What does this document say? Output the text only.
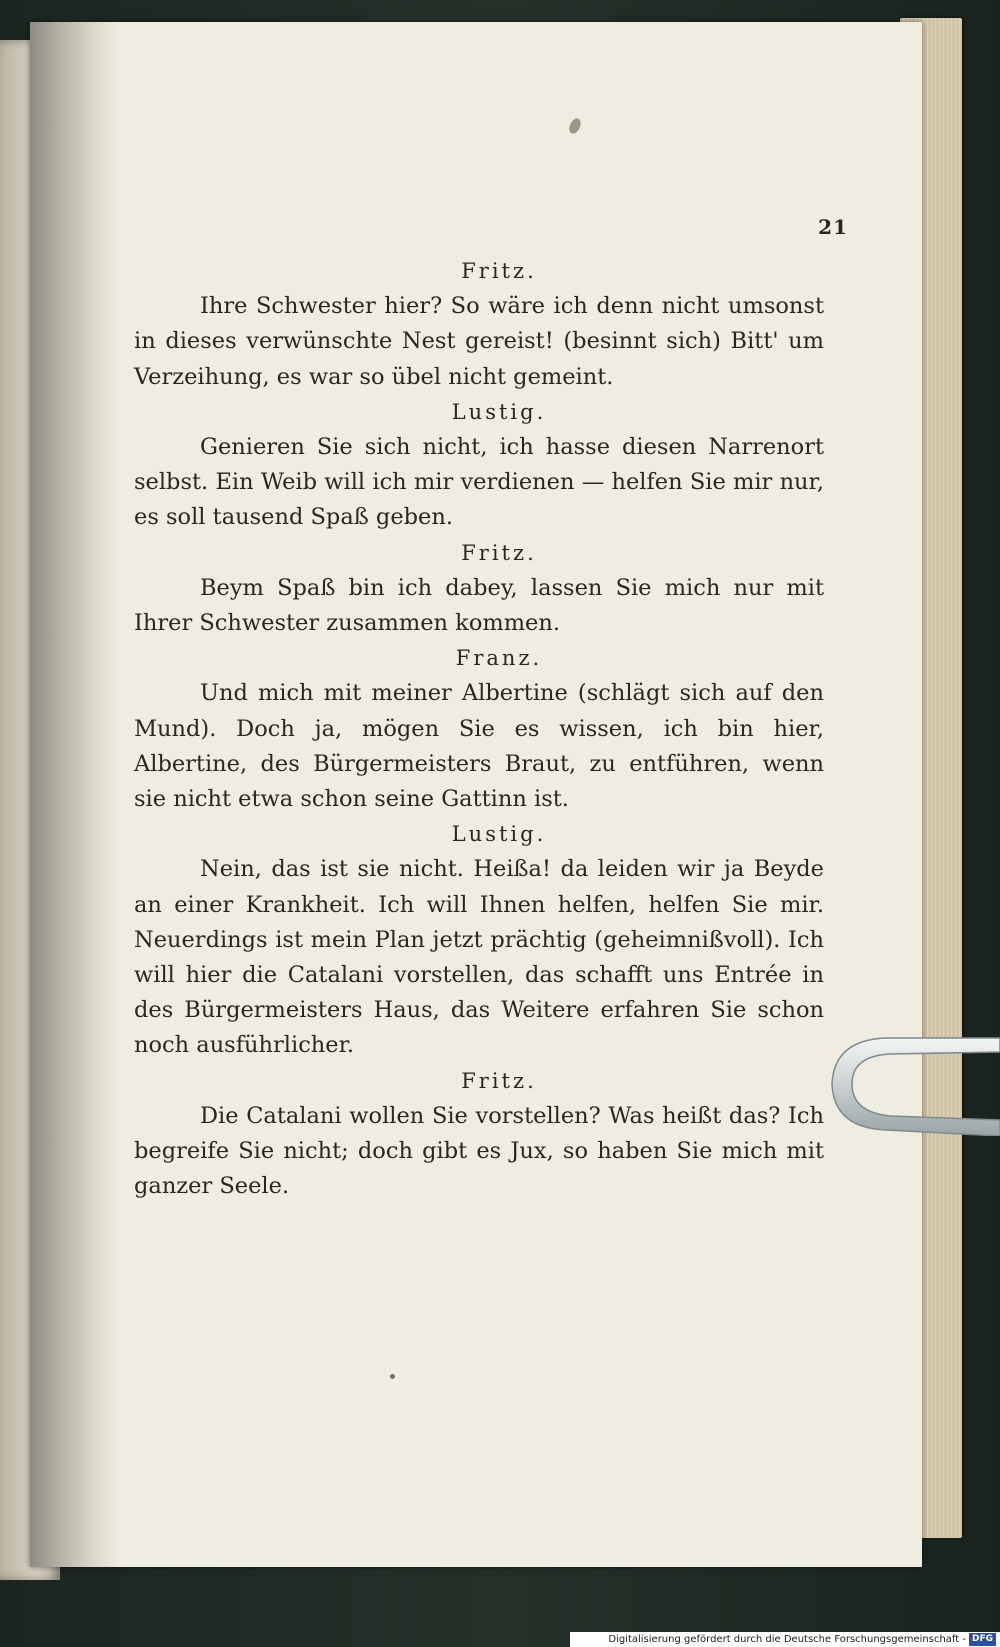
21
Fritz.
Ihre Schwester hier? So wäre ich denn nicht umsonst in dieses verwünschte Nest gereist! (besinnt sich) Bitt' um Verzeihung, es war so übel nicht gemeint.
Lustig.
Genieren Sie sich nicht, ich hasse diesen Narrenort selbst. Ein Weib will ich mir verdienen — helfen Sie mir nur, es soll tausend Spaß geben.
Fritz.
Beym Spaß bin ich dabey, lassen Sie mich nur mit Ihrer Schwester zusammen kommen.
Franz.
Und mich mit meiner Albertine (schlägt sich auf den Mund). Doch ja, mögen Sie es wissen, ich bin hier, Albertine, des Bürgermeisters Braut, zu entführen, wenn sie nicht etwa schon seine Gattinn ist.
Lustig.
Nein, das ist sie nicht. Heißa! da leiden wir ja Beyde an einer Krankheit. Ich will Ihnen helfen, helfen Sie mir. Neuerdings ist mein Plan jetzt prächtig (geheimnißvoll). Ich will hier die Catalani vorstellen, das schafft uns Entrée in des Bürgermeisters Haus, das Weitere erfahren Sie schon noch ausführlicher.
Fritz.
Die Catalani wollen Sie vorstellen? Was heißt das? Ich begreife Sie nicht; doch gibt es Jux, so haben Sie mich mit ganzer Seele.
Digitalisierung gefördert durch die Deutsche Forschungsgemeinschaft - DFG
